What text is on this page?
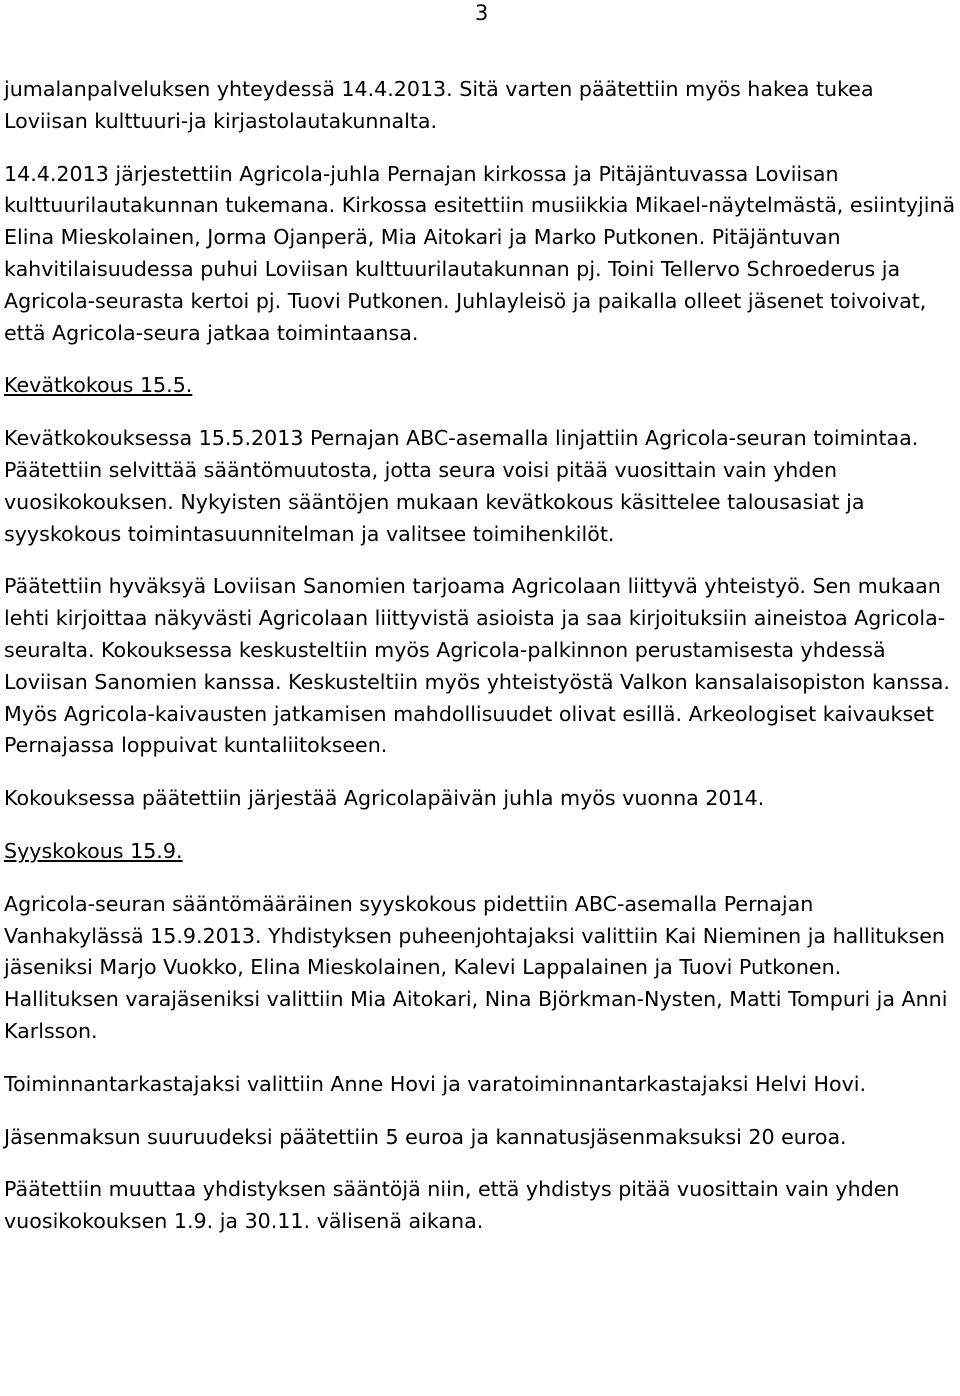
3

jumalanpalveluksen yhteydessä 14.4.2013. Sitä varten päätettiin myös hakea tukea Loviisan kulttuuri-ja kirjastolautakunnalta.

14.4.2013 järjestettiin Agricola-juhla Pernajan kirkossa ja Pitäjäntuvassa Loviisan kulttuurilautakunnan tukemana. Kirkossa esitettiin musiikkia Mikael-näytelmästä, esiintyjinä Elina Mieskolainen, Jorma Ojanperä, Mia Aitokari ja Marko Putkonen. Pitäjäntuvan kahvitilaisuudessa puhui Loviisan kulttuurilautakunnan pj. Toini Tellervo Schroederus ja Agricola-seurasta kertoi pj. Tuovi Putkonen. Juhlayleisö ja paikalla olleet jäsenet toivoivat, että Agricola-seura jatkaa toimintaansa.

Kevätkokous 15.5.

Kevätkokouksessa 15.5.2013 Pernajan ABC-asemalla linjattiin Agricola-seuran toimintaa. Päätettiin selvittää sääntömuutosta, jotta seura voisi pitää vuosittain vain yhden vuosikokouksen. Nykyisten sääntöjen mukaan kevätkokous käsittelee talousasiat ja syyskokous toimintasuunnitelman ja valitsee toimihenkilöt.

Päätettiin hyväksyä Loviisan Sanomien tarjoama Agricolaan liittyvä yhteistyö. Sen mukaan lehti kirjoittaa näkyvästi Agricolaan liittyvistä asioista ja saa kirjoituksiin aineistoa Agricola-seuralta. Kokouksessa keskusteltiin myös Agricola-palkinnon perustamisesta yhdessä Loviisan Sanomien kanssa. Keskusteltiin myös yhteistyöstä Valkon kansalaisopiston kanssa. Myös Agricola-kaivausten jatkamisen mahdollisuudet olivat esillä. Arkeologiset kaivaukset Pernajassa loppuivat kuntaliitokseen.

Kokouksessa päätettiin järjestää Agricolapäivän juhla myös vuonna 2014.

Syyskokous 15.9.

Agricola-seuran sääntömääräinen syyskokous pidettiin ABC-asemalla Pernajan Vanhakylässä 15.9.2013. Yhdistyksen puheenjohtajaksi valittiin Kai Nieminen ja hallituksen jäseniksi Marjo Vuokko, Elina Mieskolainen, Kalevi Lappalainen ja Tuovi Putkonen. Hallituksen varajäseniksi valittiin Mia Aitokari, Nina Björkman-Nysten, Matti Tompuri ja Anni Karlsson.

Toiminnantarkastajaksi valittiin Anne Hovi ja varatoiminnantarkastajaksi Helvi Hovi.

Jäsenmaksun suuruudeksi päätettiin 5 euroa ja kannatusjäsenmaksuksi 20 euroa.

Päätettiin muuttaa yhdistyksen sääntöjä niin, että yhdistys pitää vuosittain vain yhden vuosikokouksen 1.9. ja 30.11. välisenä aikana.
